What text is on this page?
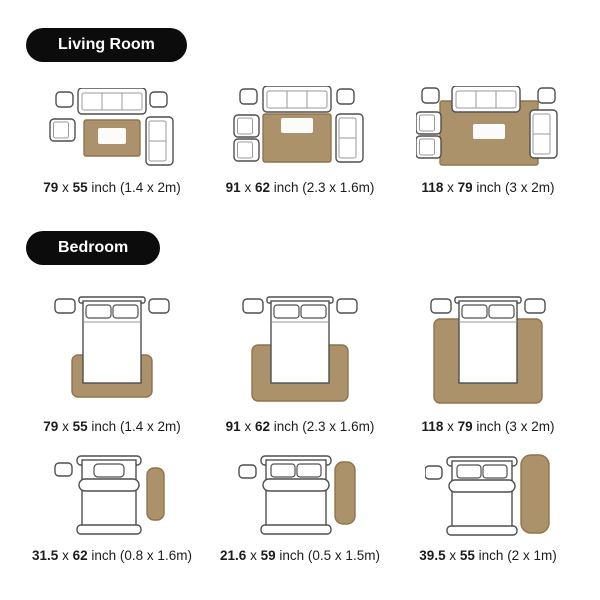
Living Room
79 x 55 inch (1.4 x 2m)	91 x 62 inch (2.3 x 1.6m)	118 x 79 inch (3 x 2m)
Bedroom
79 x 55 inch (1.4 x 2m)	91 x 62 inch (2.3 x 1.6m)	118 x 79 inch (3 x 2m)
31.5 x 62 inch (0.8 x 1.6m) 21.6 x 59 inch (0.5 x 1.5m)	39.5 x 55 inch (2 x 1m)
